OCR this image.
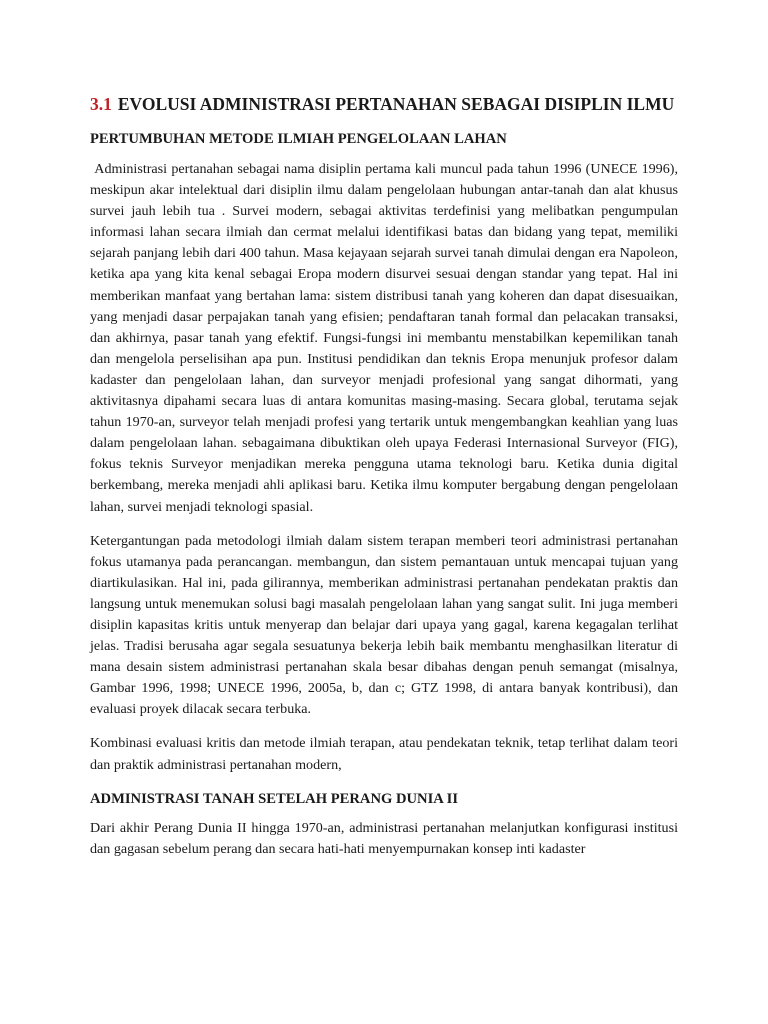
3.1 EVOLUSI ADMINISTRASI PERTANAHAN SEBAGAI DISIPLIN ILMU
PERTUMBUHAN METODE ILMIAH PENGELOLAAN LAHAN

Administrasi pertanahan sebagai nama disiplin pertama kali muncul pada tahun 1996 (UNECE 1996), meskipun akar intelektual dari disiplin ilmu dalam pengelolaan hubungan antar-tanah dan alat khusus survei jauh lebih tua . Survei modern, sebagai aktivitas terdefinisi yang melibatkan pengumpulan informasi lahan secara ilmiah dan cermat melalui identifikasi batas dan bidang yang tepat, memiliki sejarah panjang lebih dari 400 tahun. Masa kejayaan sejarah survei tanah dimulai dengan era Napoleon, ketika apa yang kita kenal sebagai Eropa modern disurvei sesuai dengan standar yang tepat. Hal ini memberikan manfaat yang bertahan lama: sistem distribusi tanah yang koheren dan dapat disesuaikan, yang menjadi dasar perpajakan tanah yang efisien; pendaftaran tanah formal dan pelacakan transaksi, dan akhirnya, pasar tanah yang efektif. Fungsi-fungsi ini membantu menstabilkan kepemilikan tanah dan mengelola perselisihan apa pun. Institusi pendidikan dan teknis Eropa menunjuk profesor dalam kadaster dan pengelolaan lahan, dan surveyor menjadi profesional yang sangat dihormati, yang aktivitasnya dipahami secara luas di antara komunitas masing-masing. Secara global, terutama sejak tahun 1970-an, surveyor telah menjadi profesi yang tertarik untuk mengembangkan keahlian yang luas dalam pengelolaan lahan. sebagaimana dibuktikan oleh upaya Federasi Internasional Surveyor (FIG), fokus teknis Surveyor menjadikan mereka pengguna utama teknologi baru. Ketika dunia digital berkembang, mereka menjadi ahli aplikasi baru. Ketika ilmu komputer bergabung dengan pengelolaan lahan, survei menjadi teknologi spasial.

Ketergantungan pada metodologi ilmiah dalam sistem terapan memberi teori administrasi pertanahan fokus utamanya pada perancangan. membangun, dan sistem pemantauan untuk mencapai tujuan yang diartikulasikan. Hal ini, pada gilirannya, memberikan administrasi pertanahan pendekatan praktis dan langsung untuk menemukan solusi bagi masalah pengelolaan lahan yang sangat sulit. Ini juga memberi disiplin kapasitas kritis untuk menyerap dan belajar dari upaya yang gagal, karena kegagalan terlihat jelas. Tradisi berusaha agar segala sesuatunya bekerja lebih baik membantu menghasilkan literatur di mana desain sistem administrasi pertanahan skala besar dibahas dengan penuh semangat (misalnya, Gambar 1996, 1998; UNECE 1996, 2005a, b, dan c; GTZ 1998, di antara banyak kontribusi), dan evaluasi proyek dilacak secara terbuka.

Kombinasi evaluasi kritis dan metode ilmiah terapan, atau pendekatan teknik, tetap terlihat dalam teori dan praktik administrasi pertanahan modern,

ADMINISTRASI TANAH SETELAH PERANG DUNIA II

Dari akhir Perang Dunia II hingga 1970-an, administrasi pertanahan melanjutkan konfigurasi institusi dan gagasan sebelum perang dan secara hati-hati menyempurnakan konsep inti kadaster
